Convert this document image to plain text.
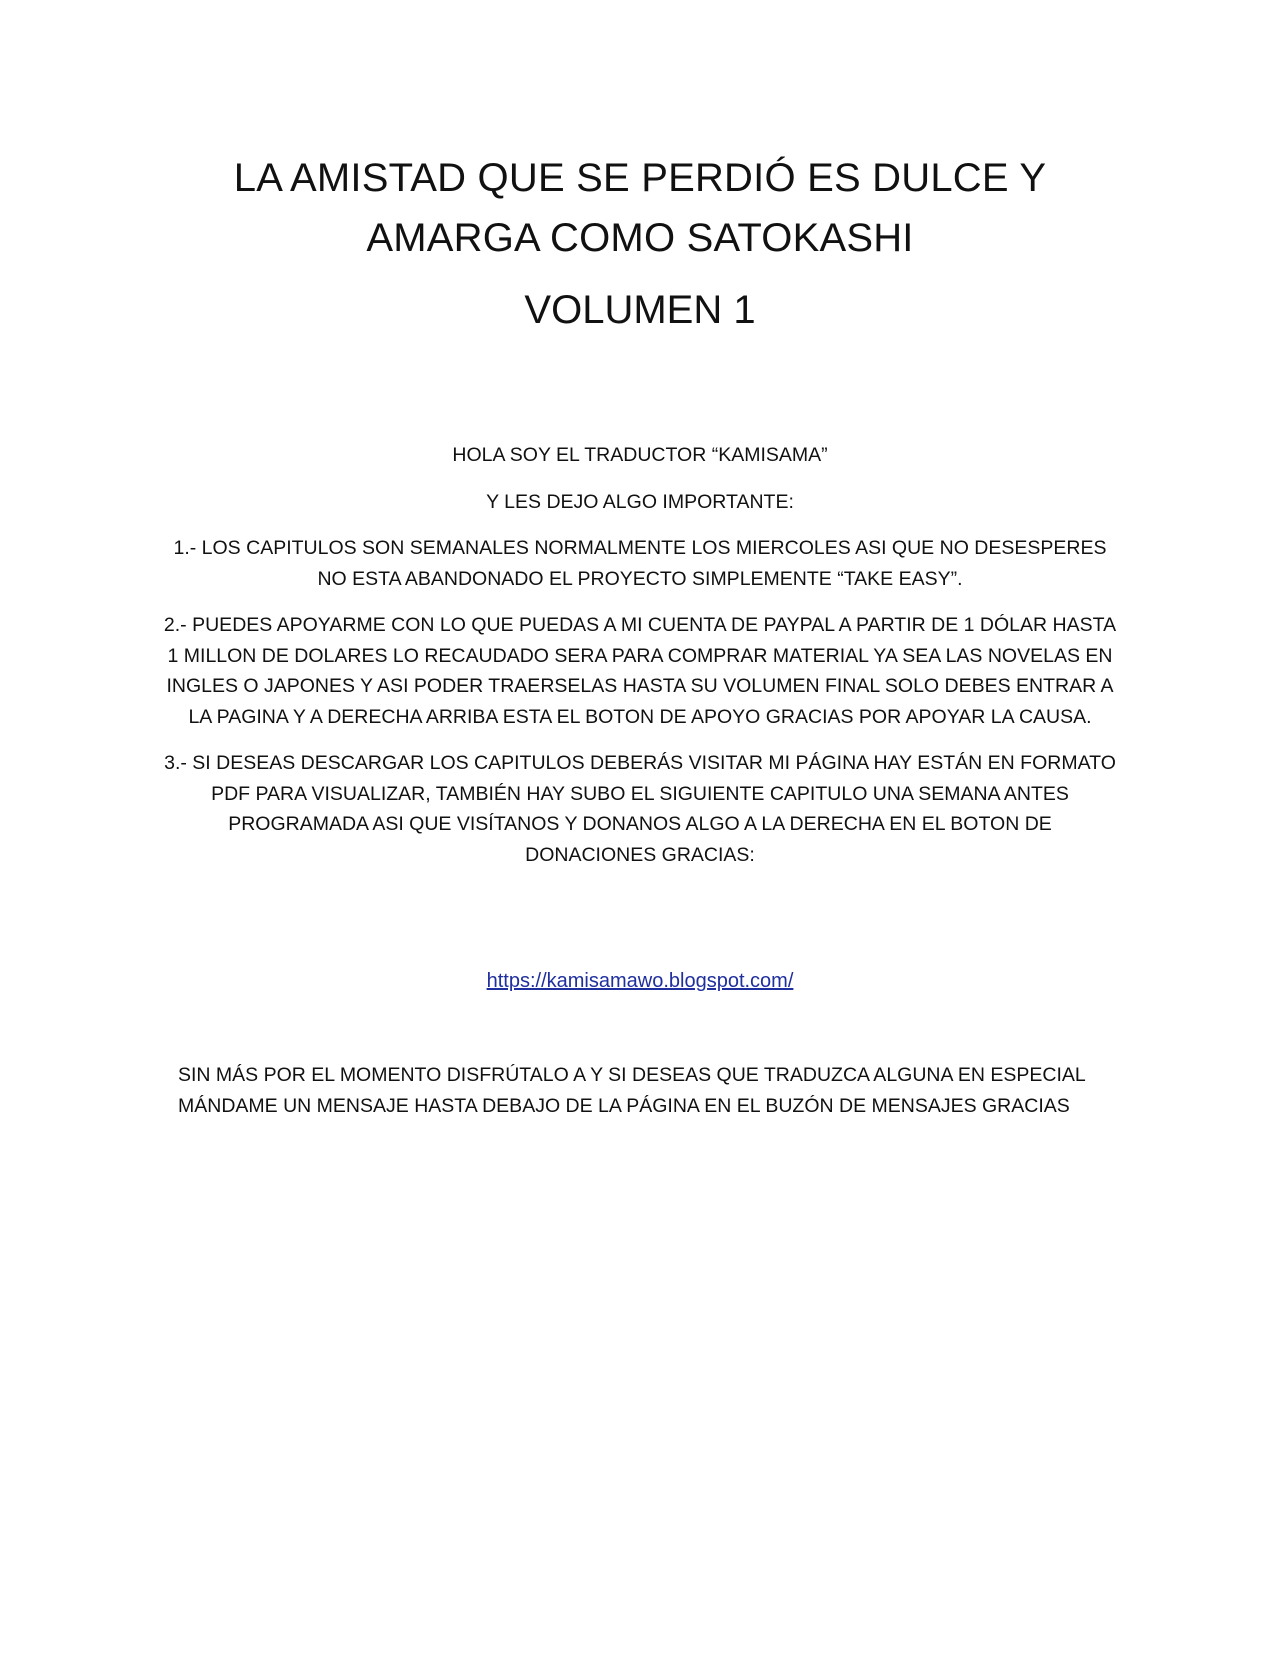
LA AMISTAD QUE SE PERDIÓ ES DULCE Y
AMARGA COMO SATOKASHI
VOLUMEN 1

HOLA SOY EL TRADUCTOR “KAMISAMA”

Y LES DEJO ALGO IMPORTANTE:

1.- LOS CAPITULOS SON SEMANALES NORMALMENTE LOS MIERCOLES ASI QUE NO DESESPERES NO ESTA ABANDONADO EL PROYECTO SIMPLEMENTE “TAKE EASY”.

2.- PUEDES APOYARME CON LO QUE PUEDAS A MI CUENTA DE PAYPAL A PARTIR DE 1 DÓLAR HASTA 1 MILLON DE DOLARES LO RECAUDADO SERA PARA COMPRAR MATERIAL YA SEA LAS NOVELAS EN INGLES O JAPONES Y ASI PODER TRAERSELAS HASTA SU VOLUMEN FINAL SOLO DEBES ENTRAR A LA PAGINA Y A DERECHA ARRIBA ESTA EL BOTON DE APOYO GRACIAS POR APOYAR LA CAUSA.

3.- SI DESEAS DESCARGAR LOS CAPITULOS DEBERÁS VISITAR MI PÁGINA HAY ESTÁN EN FORMATO PDF PARA VISUALIZAR, TAMBIÉN HAY SUBO EL SIGUIENTE CAPITULO UNA SEMANA ANTES PROGRAMADA ASI QUE VISÍTANOS Y DONANOS ALGO A LA DERECHA EN EL BOTON DE DONACIONES GRACIAS:

https://kamisamawo.blogspot.com/

SIN MÁS POR EL MOMENTO DISFRÚTALO A Y SI DESEAS QUE TRADUZCA ALGUNA EN ESPECIAL MÁNDAME UN MENSAJE HASTA DEBAJO DE LA PÁGINA EN EL BUZÓN DE MENSAJES GRACIAS
